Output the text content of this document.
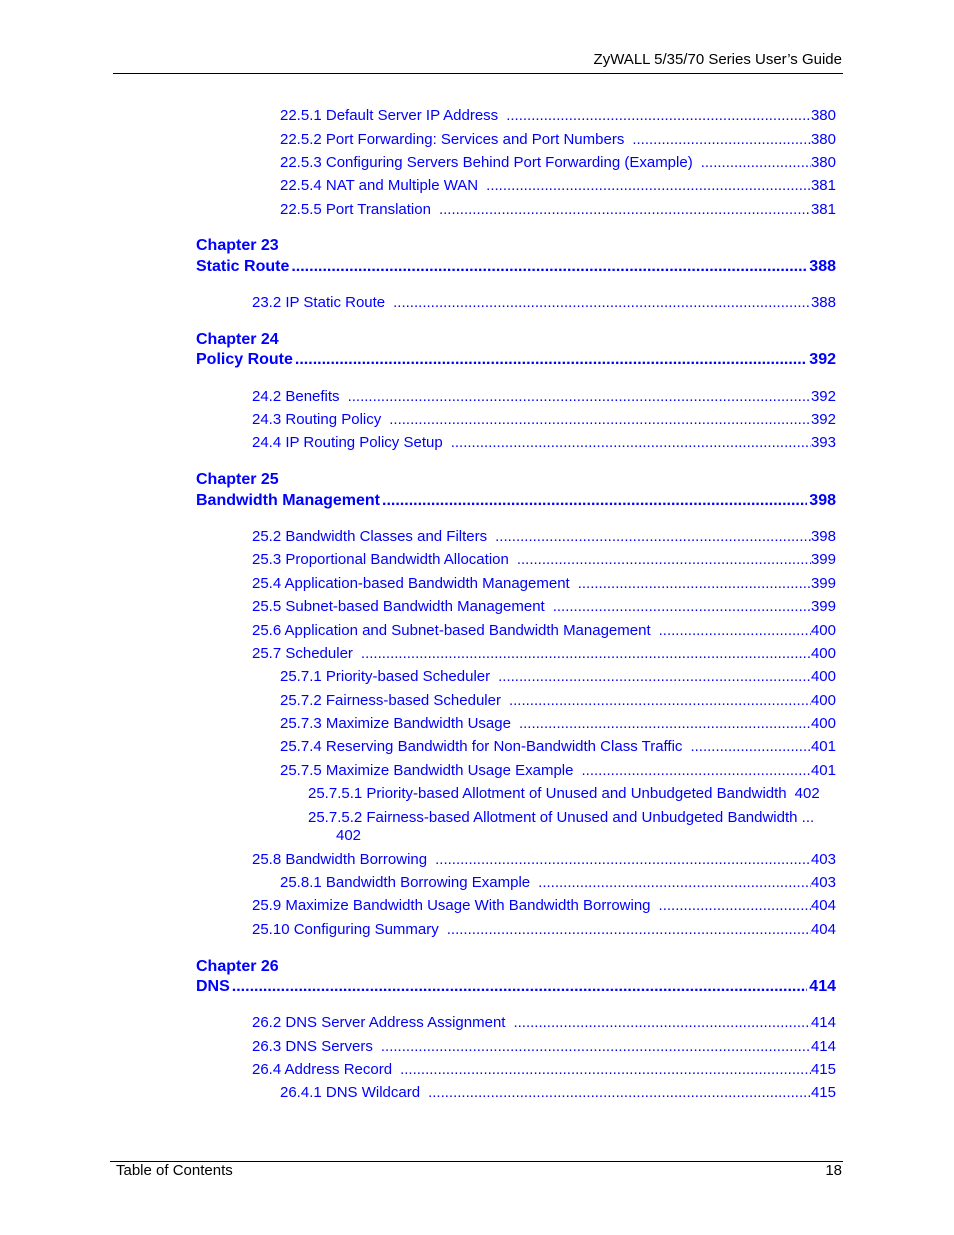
ZyWALL 5/35/70 Series User’s Guide
22.5.1 Default Server IP Address .....	380
22.5.2 Port Forwarding: Services and Port Numbers .....	380
22.5.3 Configuring Servers Behind Port Forwarding (Example) .....	380
22.5.4 NAT and Multiple WAN .....	381
22.5.5 Port Translation .....	381
Chapter 23
Static Route .....	388
23.2 IP Static Route .....	388
Chapter 24
Policy Route .....	392
24.2 Benefits .....	392
24.3 Routing Policy .....	392
24.4 IP Routing Policy Setup .....	393
Chapter 25
Bandwidth Management .....	398
25.2 Bandwidth Classes and Filters .....	398
25.3 Proportional Bandwidth Allocation .....	399
25.4 Application-based Bandwidth Management .....	399
25.5 Subnet-based Bandwidth Management .....	399
25.6 Application and Subnet-based Bandwidth Management .....	400
25.7 Scheduler .....	400
25.7.1 Priority-based Scheduler .....	400
25.7.2 Fairness-based Scheduler .....	400
25.7.3 Maximize Bandwidth Usage .....	400
25.7.4 Reserving Bandwidth for Non-Bandwidth Class Traffic .....	401
25.7.5 Maximize Bandwidth Usage Example .....	401
25.7.5.1 Priority-based Allotment of Unused and Unbudgeted Bandwidth 402
25.7.5.2 Fairness-based Allotment of Unused and Unbudgeted Bandwidth ...
402
25.8 Bandwidth Borrowing .....	403
25.8.1 Bandwidth Borrowing Example .....	403
25.9 Maximize Bandwidth Usage With Bandwidth Borrowing .....	404
25.10 Configuring Summary .....	404
Chapter 26
DNS .....	414
26.2 DNS Server Address Assignment .....	414
26.3 DNS Servers .....	414
26.4 Address Record .....	415
26.4.1 DNS Wildcard .....	415
Table of Contents	18
